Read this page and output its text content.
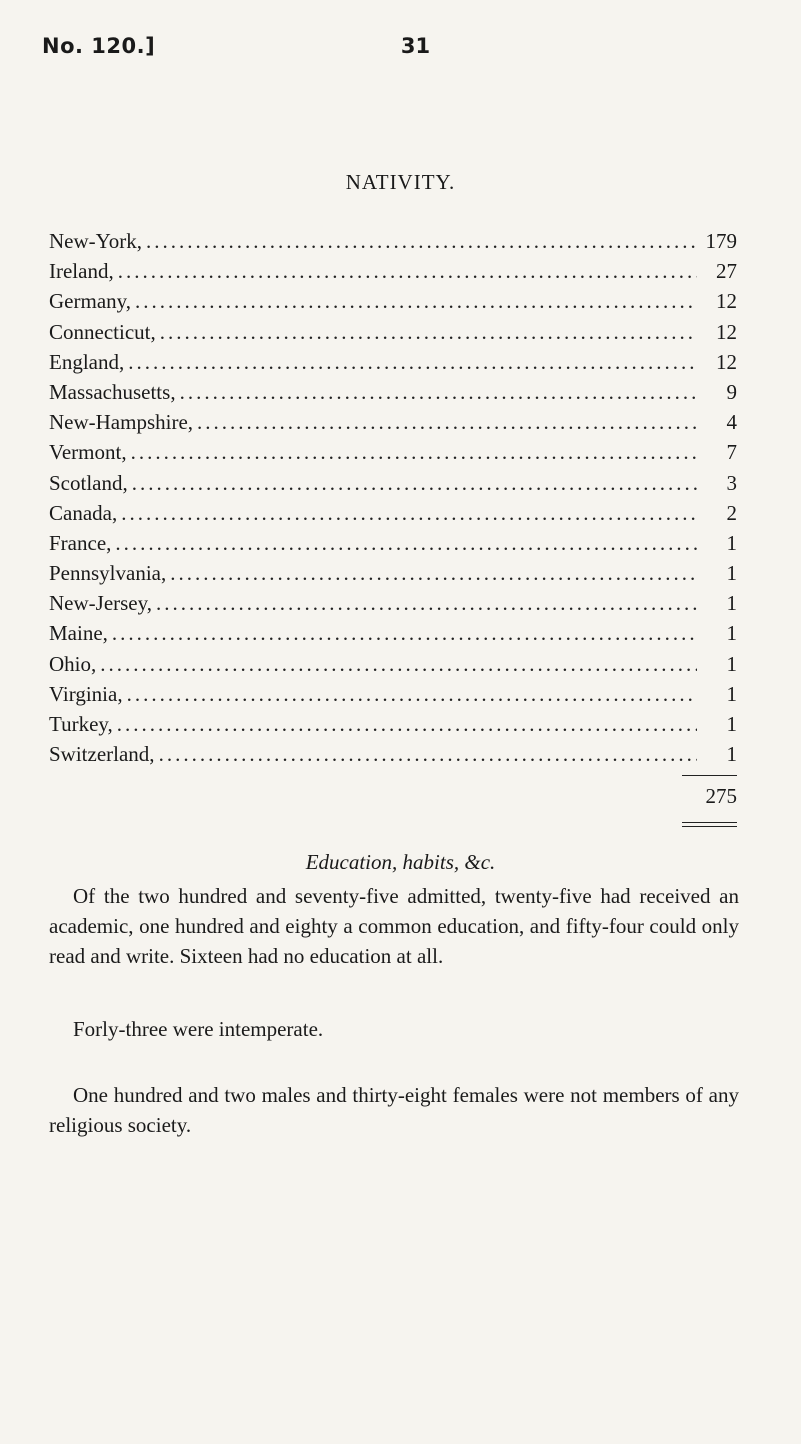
No. 120.]	31
NATIVITY.
New-York, .....	179
Ireland, .....	27
Germany, .....	12
Connecticut, .....	12
England, .....	12
Massachusetts, .....	9
New-Hampshire, .....	4
Vermont, .....	7
Scotland, .....	3
Canada, .....	2
France, .....	1
Pennsylvania, .....	1
New-Jersey, .....	1
Maine, .....	1
Ohio, .....	1
Virginia, .....	1
Turkey, .....	1
Switzerland, .....	1
275
Education, habits, &c.

Of the two hundred and seventy-five admitted, twenty-five had received an academic, one hundred and eighty a common education, and fifty-four could only read and write. Sixteen had no education at all.

Forly-three were intemperate.

One hundred and two males and thirty-eight females were not members of any religious society.
